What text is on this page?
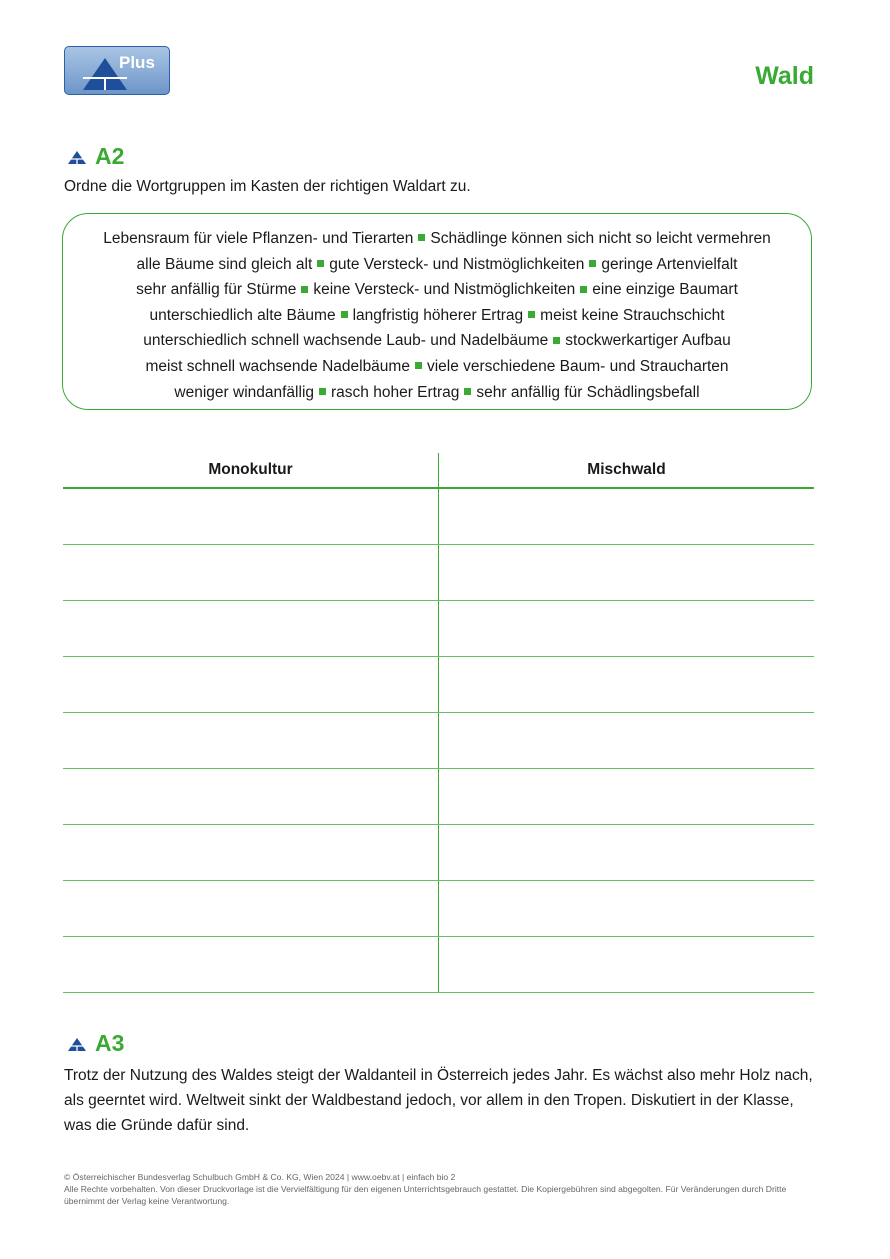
Plus	Wald
A2
Ordne die Wortgruppen im Kasten der richtigen Waldart zu.
Lebensraum für viele Pflanzen- und Tierarten Schädlinge können sich nicht so leicht vermehren
alle Bäume sind gleich alt gute Versteck- und Nistmöglichkeiten geringe Artenvielfalt
sehr anfällig für Stürme keine Versteck- und Nistmöglichkeiten eine einzige Baumart
unterschiedlich alte Bäume langfristig höherer Ertrag meist keine Strauchschicht
unterschiedlich schnell wachsende Laub- und Nadelbäume stockwerkartiger Aufbau
meist schnell wachsende Nadelbäume viele verschiedene Baum- und Straucharten
weniger windanfällig rasch hoher Ertrag sehr anfällig für Schädlingsbefall
Monokultur	Mischwald

A3
Trotz der Nutzung des Waldes steigt der Waldanteil in Österreich jedes Jahr. Es wächst also mehr Holz nach, als geerntet wird. Weltweit sinkt der Waldbestand jedoch, vor allem in den Tropen. Diskutiert in der Klasse, was die Gründe dafür sind.
© Österreichischer Bundesverlag Schulbuch GmbH & Co. KG, Wien 2024 | www.oebv.at | einfach bio 2
Alle Rechte vorbehalten. Von dieser Druckvorlage ist die Vervielfältigung für den eigenen Unterrichtsgebrauch gestattet. Die Kopiergebühren sind abgegolten. Für Veränderungen durch Dritte übernimmt der Verlag keine Verantwortung.
